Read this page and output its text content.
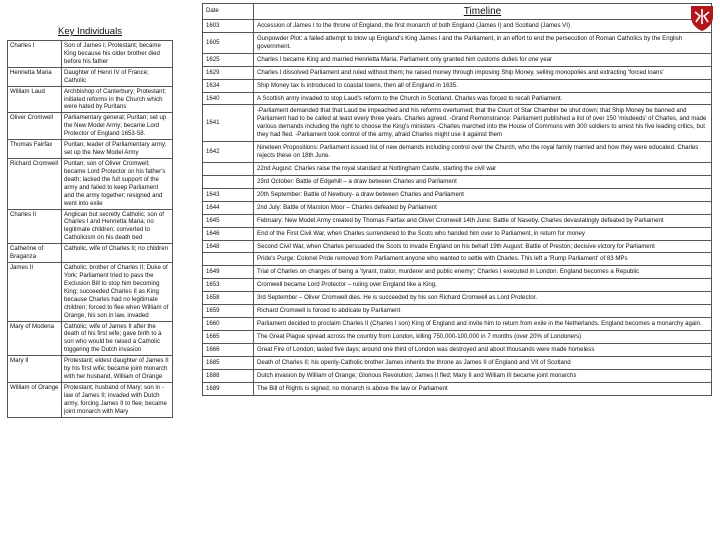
Key Individuals
Charles I	Son of James I; Protestant; became King because his older brother died before his father
Henrietta Maria	Daughter of Henri IV of France; Catholic
William Laud	Archbishop of Canterbury; Protestant; initiated reforms in the Church which were hated by Puritans
Oliver Cromwell	Parliamentary general; Puritan; set up the New Model Army; became Lord Protector of England 1653-58.
Thomas Fairfax	Puritan; leader of Parliamentary army; set up the New Model Army
Richard Cromwell	Puritan; son of Oliver Cromwell; became Lord Protector on his father's death; lacked the full support of the army and failed to keep Parliament and the army together; resigned and went into exile
Charles II	Anglican but secretly Catholic; son of Charles I and Henrietta Maria; no legitimate children; converted to Catholicism on his death bed
Catherine of Braganza	Catholic, wife of Charles II; no children
James II	Catholic; brother of Charles II; Duke of York; Parliament tried to pass the Exclusion Bill to stop him becoming King; succeeded Charles II as King because Charles had no legitimate children; forced to flee when William of Orange, his son in law, invaded
Mary of Modena	Catholic; wife of James II after the death of his first wife; gave birth to a son who would be raised a Catholic triggering the Dutch invasion
Mary II	Protestant; eldest daughter of James II by his first wife; became joint monarch with her husband, William of Orange
William of Orange	Protestant; husband of Mary; son in - law of James II; invaded with Dutch army, forcing James II to flee; became joint monarch with Mary
Date	Timeline
1603	Accession of James I to the throne of England, the first monarch of both England (James I) and Scotland (James VI)
1605	Gunpowder Plot: a failed attempt to blow up England's King James I and the Parliament, in an effort to end the persecution of Roman Catholics by the English government.
1625	Charles I became King and married Henrietta Maria; Parliament only granted him customs duties for one year
1629	Charles I dissolved Parliament and ruled without them; he raised money through imposing Ship Money, selling monopolies and extracting 'forced loans'
1634	Ship Money tax is introduced to coastal towns, then all of England in 1635.
1640	A Scottish army invaded to stop Laud's reform to the Church in Scotland. Charles was forced to recall Parliament.
1641	-Parliament demanded that that Laud be impeached and his reforms overturned; that the Court of Star Chamber be shut down; that Ship Money be banned and Parliament had to be called at least every three years. Charles agreed. -Grand Remonstrance: Parliament published a list of over 150 'misdeeds' of Charles, and made various demands including the right to choose the King's ministers -Charles marched into the House of Commons with 300 soldiers to arrest his five leading critics, but they had fled. -Parliament took control of the army, afraid Charles might use it against them
1642	Nineteen Propositions: Parliament issued list of new demands including control over the Church, who the royal family married and how they were educated. Charles rejects these on 18th June.
	22nd August: Charles raise the royal standard at Nottingham Castle, starting the civil war
	23rd October: Battle of Edgehill – a draw between Charles and Parliament
1643	20th September: Battle of Newbury- a draw between Charles and Parliament
1644	2nd July: Battle of Marston Moor – Charles defeated by Parliament
1645	February: New Model Army created by Thomas Fairfax and Oliver Cromwell 14th June: Battle of Naseby. Charles devastatingly defeated by Parliament
1646	End of the First Civil War, when Charles surrendered to the Scots who handed him over to Parliament, in return for money
1648	Second Civil War, when Charles persuaded the Scots to invade England on his behalf 19th August: Battle of Preston; decisive victory for Parliament
	Pride's Purge: Colonel Pride removed from Parliament anyone who wanted to settle with Charles. This left a 'Rump Parliament' of 83 MPs
1649	Trial of Charles on charges of being a 'tyrant, traitor, murderer and public enemy'; Charles I executed in London. England becomes a Republic
1653	Cromwell became Lord Protector – ruling over England like a King.
1658	3rd September – Oliver Cromwell dies. He is succeeded by his son Richard Cromwell as Lord Protector.
1659	Richard Cromwell is forced to abdicate by Parliament
1660	Parliament decided to proclaim Charles II (Charles I son) King of England and invite him to return from exile in the Netherlands. England becomes a monarchy again.
1665	The Great Plague spread across the country from London, killing 750,000-100,000 in 7 months (over 20% of Londoners)
1666	Great Fire of London; lasted five days; around one third of London was destroyed and about thousands were made homeless
1685	Death of Charles II; his openly-Catholic brother James inherits the throne as James II of England and VII of Scotland
1688	Dutch invasion by William of Orange; Glorious Revolution; James II fled; Mary II and William III became joint monarchs
1689	The Bill of Rights is signed; no monarch is above the law or Parliament
